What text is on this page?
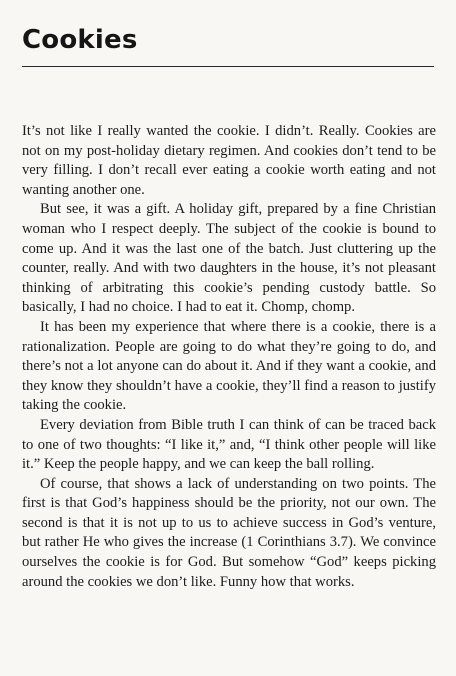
Cookies

It’s not like I really wanted the cookie. I didn’t. Really. Cookies are not on my post-holiday dietary regimen. And cookies don’t tend to be very filling. I don’t recall ever eating a cookie worth eating and not wanting another one.

But see, it was a gift. A holiday gift, prepared by a fine Christian woman who I respect deeply. The subject of the cookie is bound to come up. And it was the last one of the batch. Just cluttering up the counter, really. And with two daughters in the house, it’s not pleasant thinking of arbitrating this cookie’s pending custody battle. So basically, I had no choice. I had to eat it. Chomp, chomp.

It has been my experience that where there is a cookie, there is a rationalization. People are going to do what they’re going to do, and there’s not a lot anyone can do about it. And if they want a cookie, and they know they shouldn’t have a cookie, they’ll find a reason to justify taking the cookie.

Every deviation from Bible truth I can think of can be traced back to one of two thoughts: “I like it,” and, “I think other people will like it.” Keep the people happy, and we can keep the ball rolling.

Of course, that shows a lack of understanding on two points. The first is that God’s happiness should be the priority, not our own. The second is that it is not up to us to achieve success in God’s venture, but rather He who gives the increase (1 Corinthians 3.7). We convince ourselves the cookie is for God. But somehow “God” keeps picking around the cookies we don’t like. Funny how that works.
